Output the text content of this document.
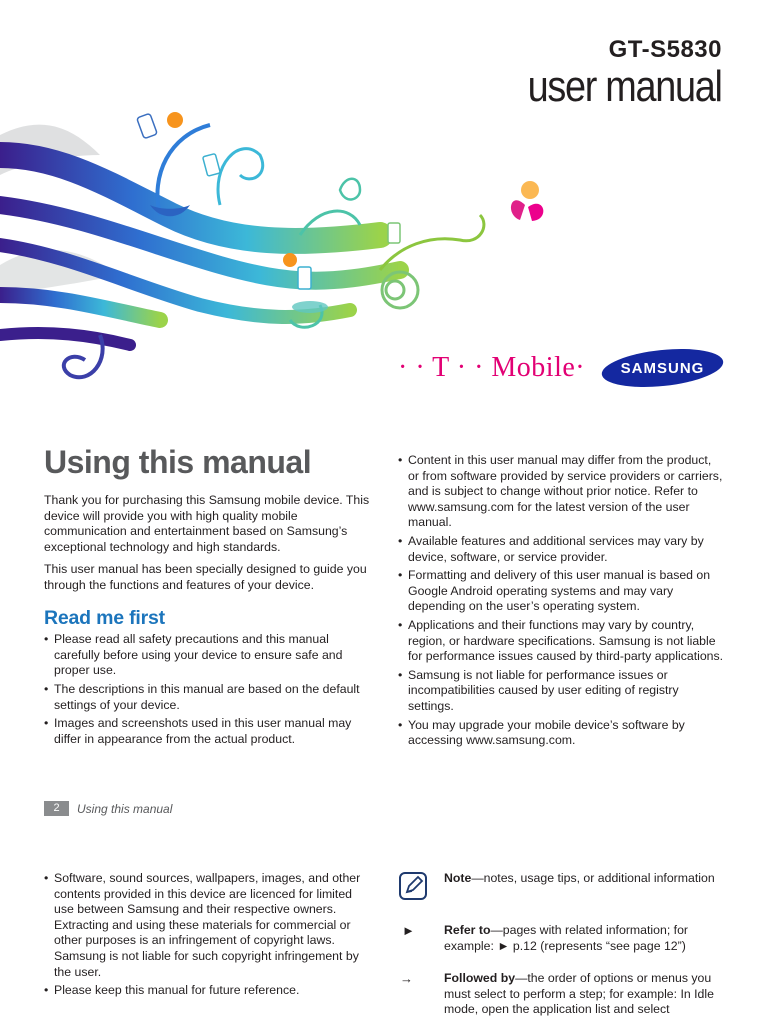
GT-S5830
user manual
· · T · · Mobile· SAMSUNG
Using this manual

Thank you for purchasing this Samsung mobile device. This device will provide you with high quality mobile communication and entertainment based on Samsung’s exceptional technology and high standards.

This user manual has been specially designed to guide you through the functions and features of your device.

Read me first
• Please read all safety precautions and this manual carefully before using your device to ensure safe and proper use.
• The descriptions in this manual are based on the default settings of your device.
• Images and screenshots used in this user manual may differ in appearance from the actual product.
• Content in this user manual may differ from the product, or from software provided by service providers or carriers, and is subject to change without prior notice. Refer to www.samsung.com for the latest version of the user manual.
• Available features and additional services may vary by device, software, or service provider.
• Formatting and delivery of this user manual is based on Google Android operating systems and may vary depending on the user’s operating system.
• Applications and their functions may vary by country, region, or hardware specifications. Samsung is not liable for performance issues caused by third-party applications.
• Samsung is not liable for performance issues or incompatibilities caused by user editing of registry settings.
• You may upgrade your mobile device’s software by accessing www.samsung.com.
2	Using this manual
• Software, sound sources, wallpapers, images, and other contents provided in this device are licenced for limited use between Samsung and their respective owners. Extracting and using these materials for commercial or other purposes is an infringement of copyright laws. Samsung is not liable for such copyright infringement by the user.
• Please keep this manual for future reference.
Note—notes, usage tips, or additional information
► Refer to—pages with related information; for example: ► p.12 (represents “see page 12”)
→	Followed by—the order of options or menus you must select to perform a step; for example: In Idle mode, open the application list and select
